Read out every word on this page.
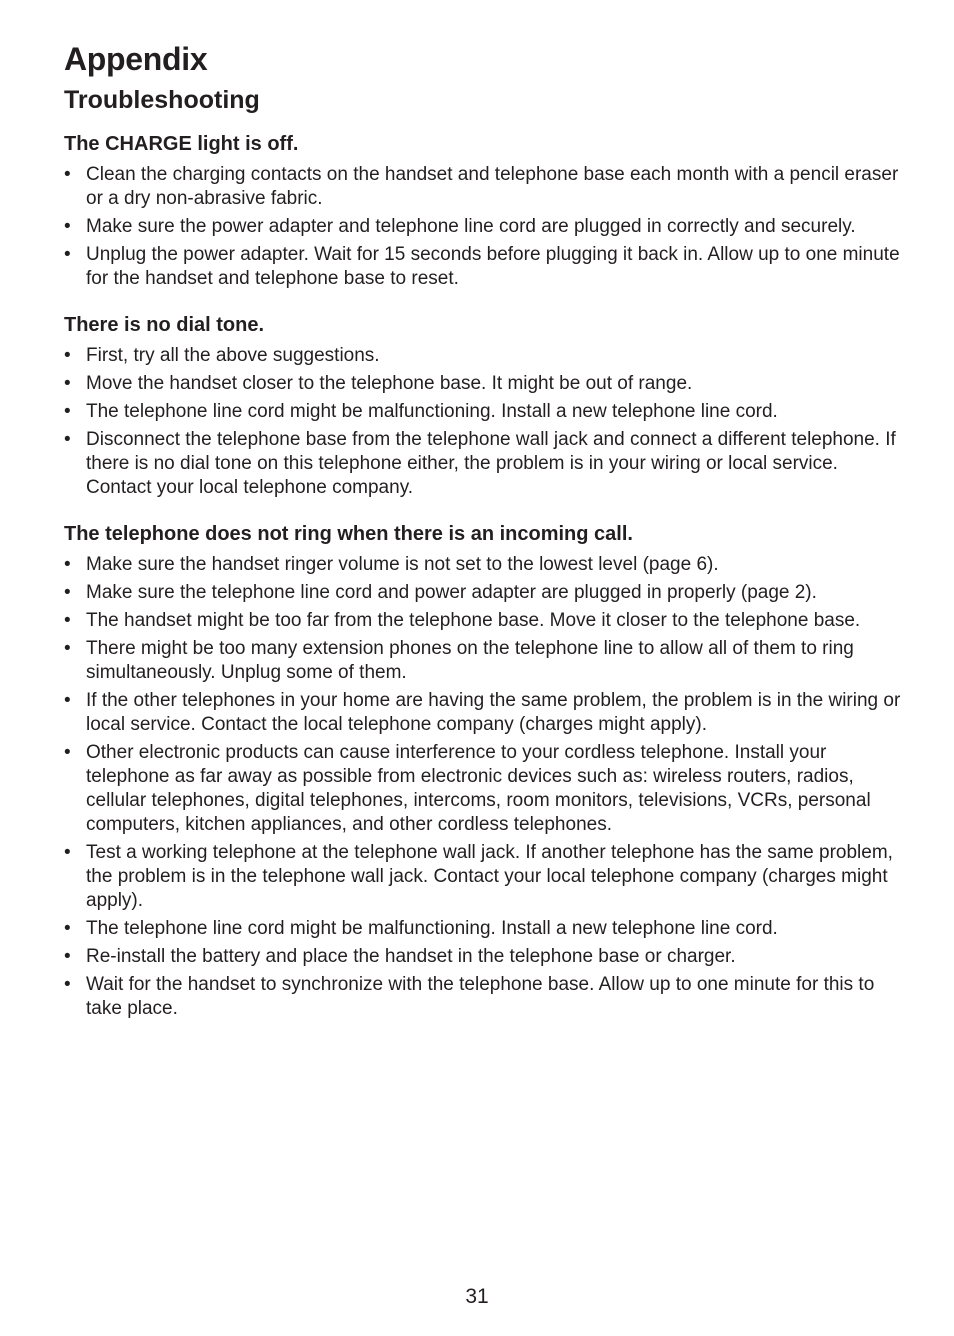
Appendix
Troubleshooting
The CHARGE light is off.
• Clean the charging contacts on the handset and telephone base each month with a pencil eraser or a dry non-abrasive fabric.
• Make sure the power adapter and telephone line cord are plugged in correctly and securely.
• Unplug the power adapter. Wait for 15 seconds before plugging it back in. Allow up to one minute for the handset and telephone base to reset.
There is no dial tone.
• First, try all the above suggestions.
• Move the handset closer to the telephone base. It might be out of range.
• The telephone line cord might be malfunctioning. Install a new telephone line cord.
• Disconnect the telephone base from the telephone wall jack and connect a different telephone. If there is no dial tone on this telephone either, the problem is in your wiring or local service. Contact your local telephone company.
The telephone does not ring when there is an incoming call.
• Make sure the handset ringer volume is not set to the lowest level (page 6).
• Make sure the telephone line cord and power adapter are plugged in properly (page 2).
• The handset might be too far from the telephone base. Move it closer to the telephone base.
• There might be too many extension phones on the telephone line to allow all of them to ring simultaneously. Unplug some of them.
• If the other telephones in your home are having the same problem, the problem is in the wiring or local service. Contact the local telephone company (charges might apply).
• Other electronic products can cause interference to your cordless telephone. Install your telephone as far away as possible from electronic devices such as: wireless routers, radios, cellular telephones, digital telephones, intercoms, room monitors, televisions, VCRs, personal computers, kitchen appliances, and other cordless telephones.
• Test a working telephone at the telephone wall jack. If another telephone has the same problem, the problem is in the telephone wall jack. Contact your local telephone company (charges might apply).
• The telephone line cord might be malfunctioning. Install a new telephone line cord.
• Re-install the battery and place the handset in the telephone base or charger.
• Wait for the handset to synchronize with the telephone base. Allow up to one minute for this to take place.
31
